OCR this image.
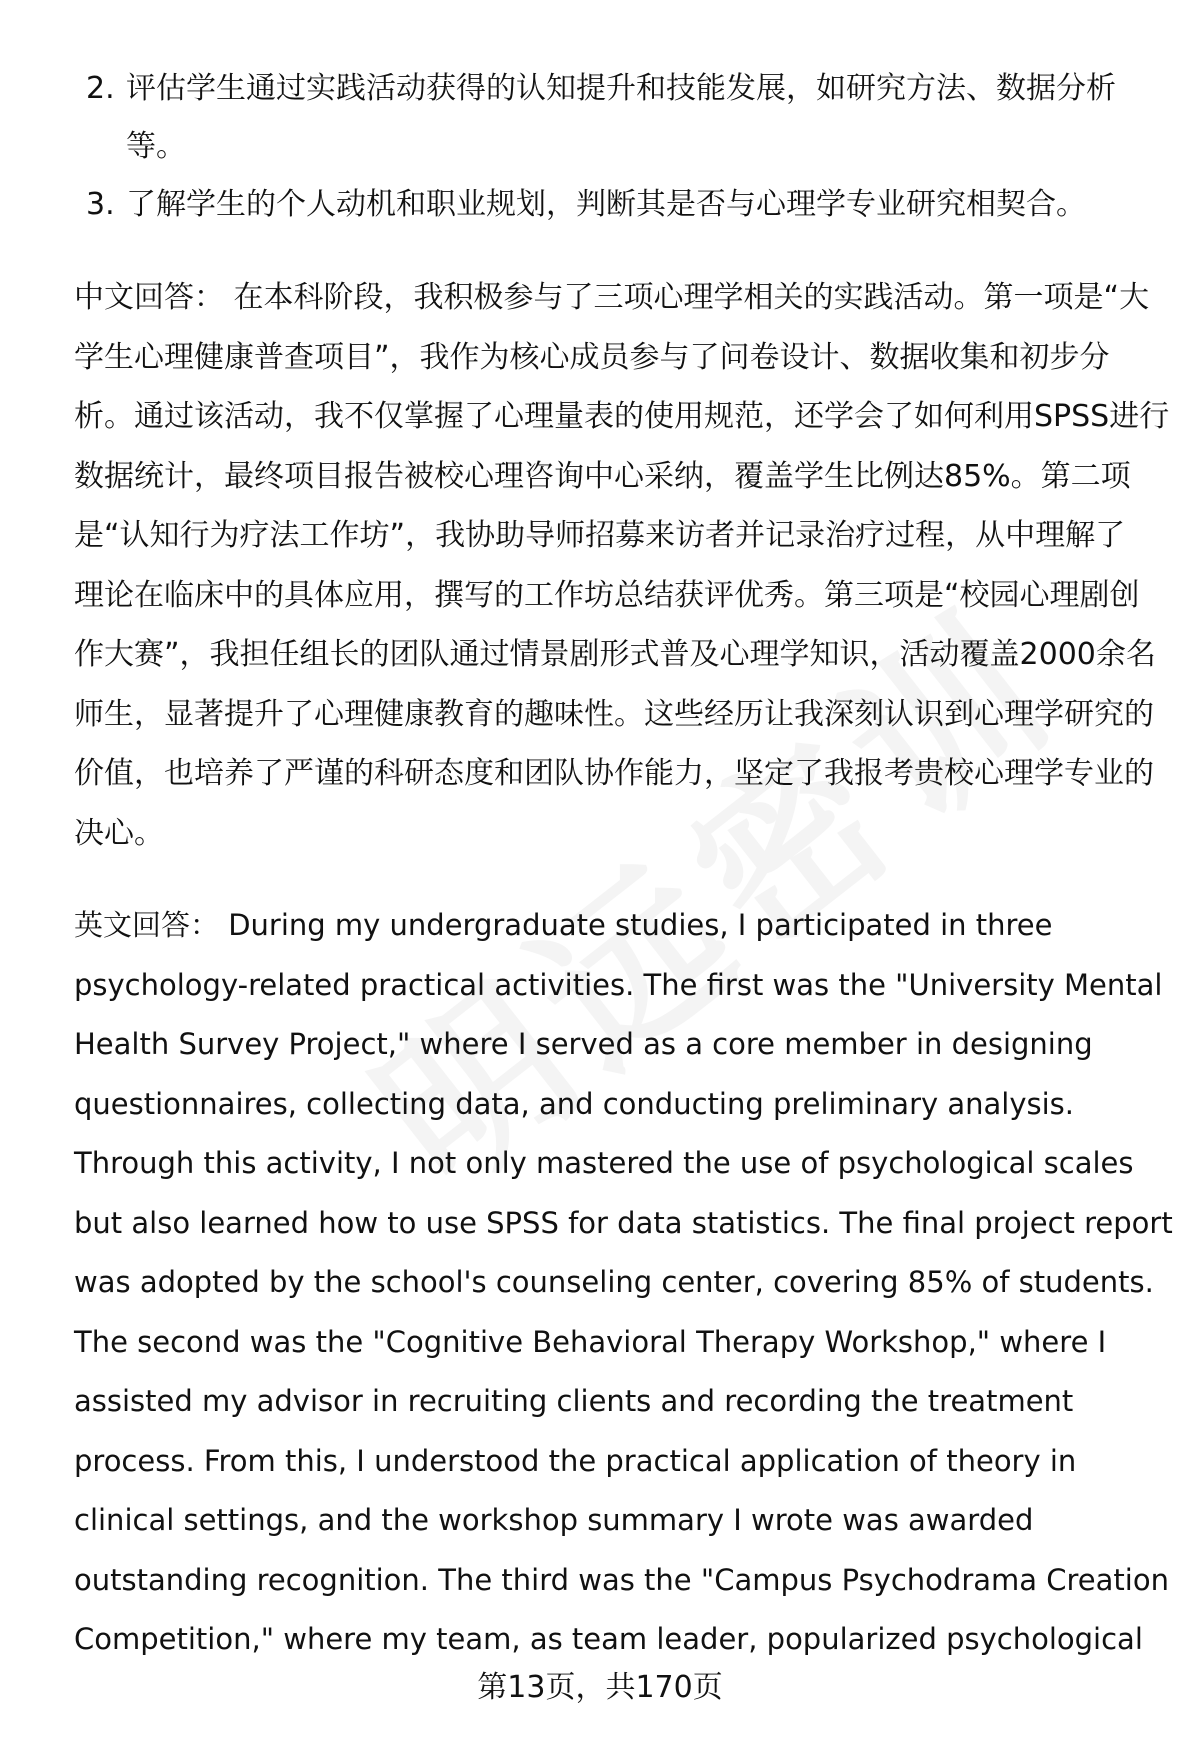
2. 评估学生通过实践活动获得的认知提升和技能发展，如研究方法、数据分析
等。
3. 了解学生的个人动机和职业规划，判断其是否与心理学专业研究相契合。
中文回答： 在本科阶段，我积极参与了三项心理学相关的实践活动。第一项是“大
学生心理健康普查项目”，我作为核心成员参与了问卷设计、数据收集和初步分
析。通过该活动，我不仅掌握了心理量表的使用规范，还学会了如何利用SPSS进行
数据统计，最终项目报告被校心理咨询中心采纳，覆盖学生比例达85%。第二项
是“认知行为疗法工作坊”，我协助导师招募来访者并记录治疗过程，从中理解了
理论在临床中的具体应用，撰写的工作坊总结获评优秀。第三项是“校园心理剧创
作大赛”，我担任组长的团队通过情景剧形式普及心理学知识，活动覆盖2000余名
师生，显著提升了心理健康教育的趣味性。这些经历让我深刻认识到心理学研究的
价值，也培养了严谨的科研态度和团队协作能力，坚定了我报考贵校心理学专业的
决心。
英文回答： During my undergraduate studies, I participated in three
psychology-related practical activities. The first was the "University Mental
Health Survey Project," where I served as a core member in designing
questionnaires, collecting data, and conducting preliminary analysis.
Through this activity, I not only mastered the use of psychological scales
but also learned how to use SPSS for data statistics. The final project report
was adopted by the school's counseling center, covering 85% of students.
The second was the "Cognitive Behavioral Therapy Workshop," where I
assisted my advisor in recruiting clients and recording the treatment
process. From this, I understood the practical application of theory in
clinical settings, and the workshop summary I wrote was awarded
outstanding recognition. The third was the "Campus Psychodrama Creation
Competition," where my team, as team leader, popularized psychological
第13页，共170页
